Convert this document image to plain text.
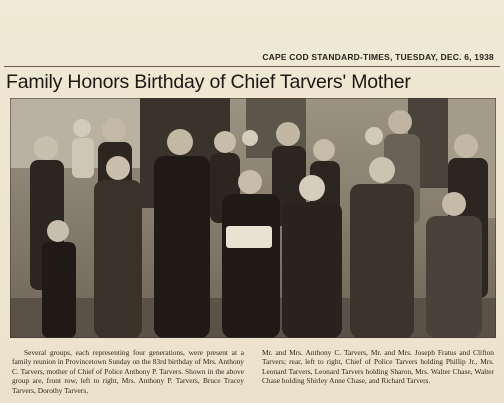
CAPE COD STANDARD-TIMES, TUESDAY, DEC. 6, 1938
Family Honors Birthday of Chief Tarvers' Mother
Several groups, each representing four generations, were present at a family reunion in Provincetown Sunday on the 83rd birthday of Mrs. Anthony C. Tarvers, mother of Chief of Police Anthony P. Tarvers. Shown in the above group are, front row, left to right, Mrs. Anthony P. Tarvers, Bruce Tracey Tarvers, Dorothy Tarvers,
Mr. and Mrs. Anthony C. Tarvers, Mr. and Mrs. Joseph Fratus and Clifton Tarvers; rear, left to right, Chief of Police Tarvers holding Phillip Jr., Mrs. Leonard Tarvers, Leonard Tarvers holding Sharon, Mrs. Walter Chase, Walter Chase holding Shirley Anne Chase, and Richard Tarvers.
